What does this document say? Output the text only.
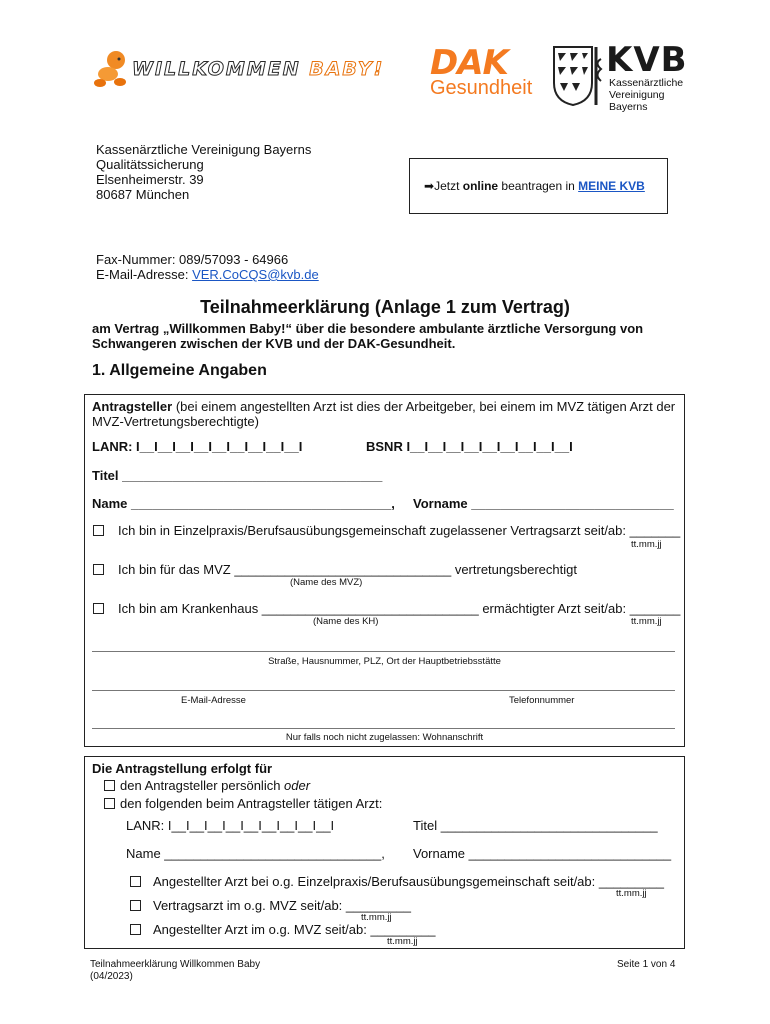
WILLKOMMEN BABY! DAK
Gesundheit
KVB
Kassenärztliche
Vereinigung
Bayerns
Kassenärztliche Vereinigung Bayerns
Qualitätssicherung
Elsenheimerstr. 39
80687 München
➡Jetzt online beantragen in MEINE KVB
Fax-Nummer: 089/57093 - 64966
E-Mail-Adresse: VER.CoCQS@kvb.de
Teilnahmeerklärung (Anlage 1 zum Vertrag)
am Vertrag „Willkommen Baby!“ über die besondere ambulante ärztliche Versorgung von Schwangeren zwischen der KVB und der DAK-Gesundheit.
1. Allgemeine Angaben
Antragsteller (bei einem angestellten Arzt ist dies der Arbeitgeber, bei einem im MVZ tätigen Arzt der
MVZ-Vertretungsberechtigte)
LANR: I__I__I__I__I__I__I__I__I__I	BSNR I__I__I__I__I__I__I__I__I__I
Titel ____________________________________
Name ____________________________________, Vorname ____________________________
Ich bin in Einzelpraxis/Berufsausübungsgemeinschaft zugelassener Vertragsarzt seit/ab: _______
tt.mm.jj
Ich bin für das MVZ ______________________________ vertretungsberechtigt
(Name des MVZ)
Ich bin am Krankenhaus ______________________________ ermächtigter Arzt seit/ab: _______
(Name des KH)	tt.mm.jj
Straße, Hausnummer, PLZ, Ort der Hauptbetriebsstätte
E-Mail-Adresse	Telefonnummer
Nur falls noch nicht zugelassen: Wohnanschrift
Die Antragstellung erfolgt für
den Antragsteller persönlich oder
den folgenden beim Antragsteller tätigen Arzt:
LANR: I__I__I__I__I__I__I__I__I__I	Titel ______________________________
Name ______________________________, Vorname ____________________________
Angestellter Arzt bei o.g. Einzelpraxis/Berufsausübungsgemeinschaft seit/ab: _________
tt.mm.jj
Vertragsarzt im o.g. MVZ seit/ab: _________
tt.mm.jj
Angestellter Arzt im o.g. MVZ seit/ab: _________
tt.mm.jj
Teilnahmeerklärung Willkommen Baby
(04/2023)
Seite 1 von 4
